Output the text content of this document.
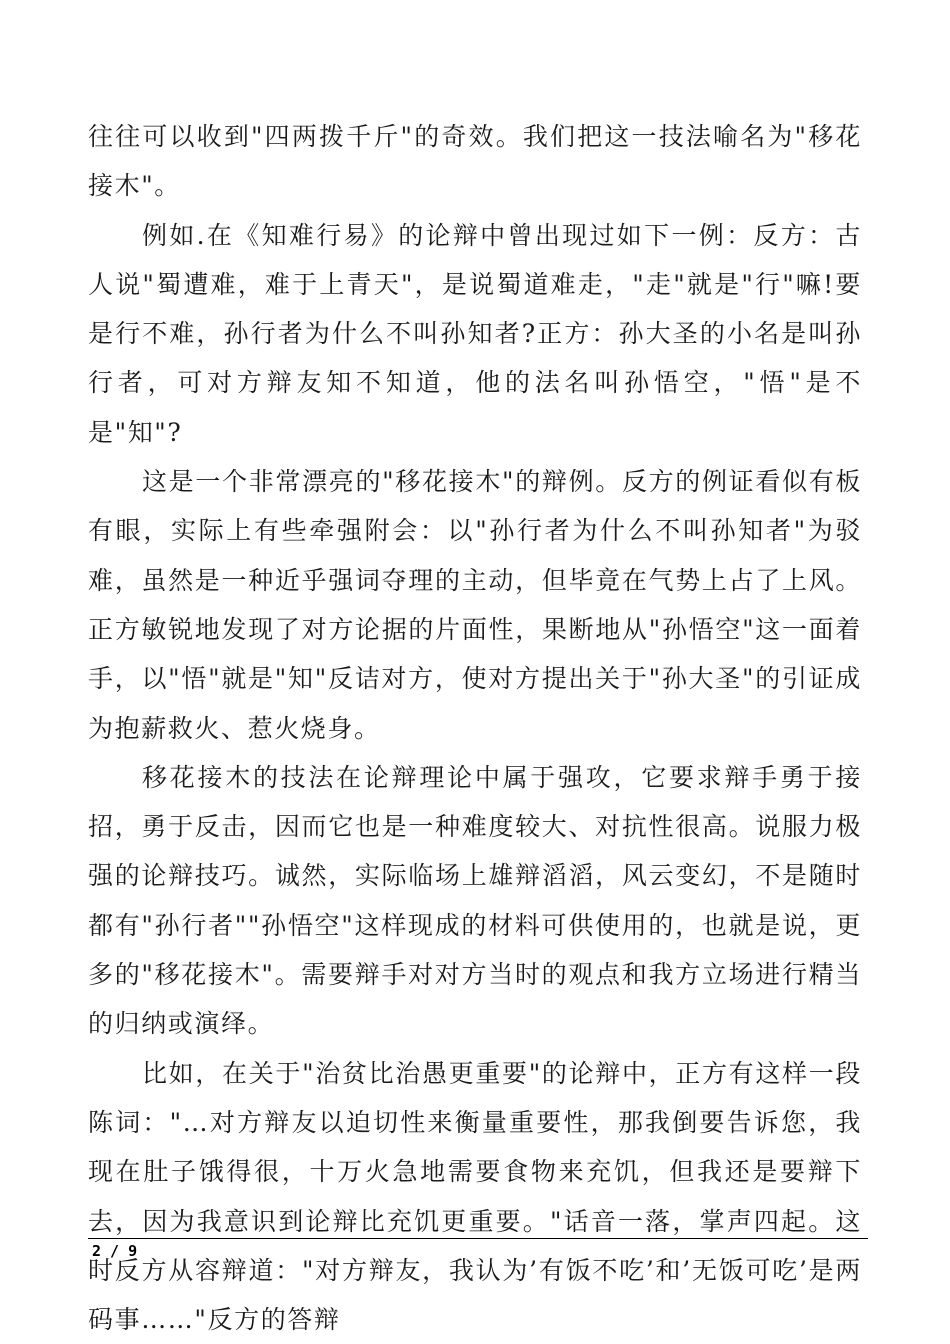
往往可以收到"四两拨千斤"的奇效。我们把这一技法喻名为"移花接木"。

例如.在《知难行易》的论辩中曾出现过如下一例：反方：古人说"蜀遭难，难于上青天"，是说蜀道难走，"走"就是"行"嘛!要是行不难，孙行者为什么不叫孙知者?正方：孙大圣的小名是叫孙行者，可对方辩友知不知道，他的法名叫孙悟空，"悟"是不是"知"?

这是一个非常漂亮的"移花接木"的辩例。反方的例证看似有板有眼，实际上有些牵强附会：以"孙行者为什么不叫孙知者"为驳难，虽然是一种近乎强词夺理的主动，但毕竟在气势上占了上风。正方敏锐地发现了对方论据的片面性，果断地从"孙悟空"这一面着手，以"悟"就是"知"反诘对方，使对方提出关于"孙大圣"的引证成为抱薪救火、惹火烧身。

移花接木的技法在论辩理论中属于强攻，它要求辩手勇于接招，勇于反击，因而它也是一种难度较大、对抗性很高。说服力极强的论辩技巧。诚然，实际临场上雄辩滔滔，风云变幻，不是随时都有"孙行者""孙悟空"这样现成的材料可供使用的，也就是说，更多的"移花接木"。需要辩手对对方当时的观点和我方立场进行精当的归纳或演绎。

比如，在关于"治贫比治愚更重要"的论辩中，正方有这样一段陈词："…对方辩友以迫切性来衡量重要性，那我倒要告诉您，我现在肚子饿得很，十万火急地需要食物来充饥，但我还是要辩下去，因为我意识到论辩比充饥更重要。"话音一落，掌声四起。这时反方从容辩道："对方辩友，我认为’有饭不吃’和’无饭可吃’是两码事……"反方的答辩

2 / 9
